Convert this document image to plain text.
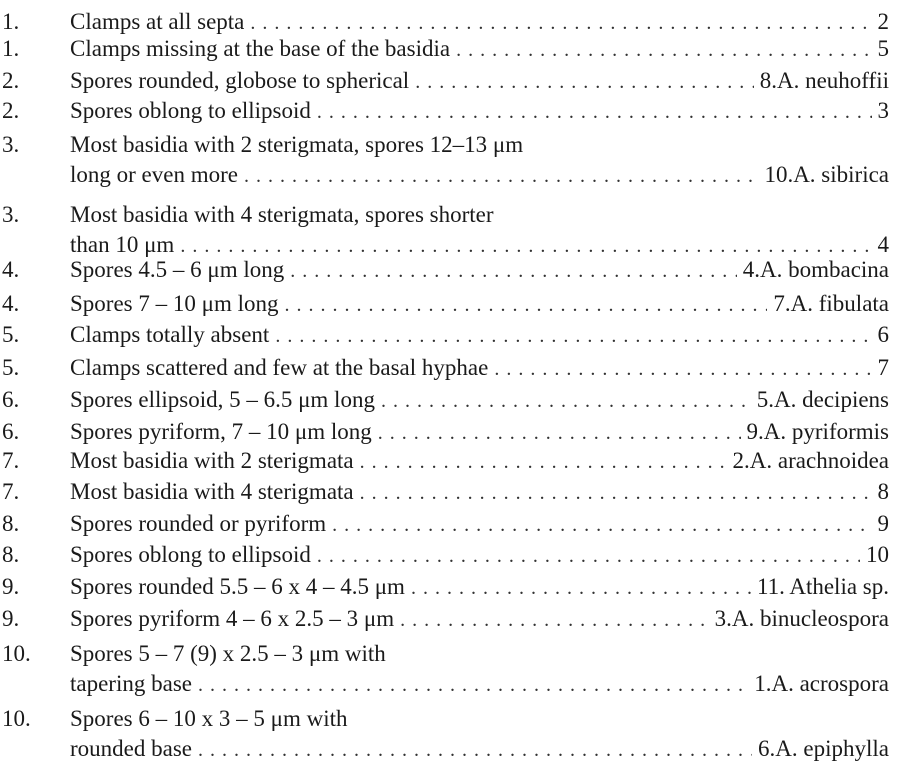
1.	Clamps at all septa . . .	2
1.	Clamps missing at the base of the basidia . . .	5
2.	Spores rounded, globose to spherical . . .	8.A. neuhoffii
2.	Spores oblong to ellipsoid . . .	3
3.	Most basidia with 2 sterigmata, spores 12–13 μm
long or even more . . .	10.A. sibirica
3.	Most basidia with 4 sterigmata, spores shorter
than 10 μm . . .	4
4.	Spores 4.5 – 6 μm long . . .	4.A. bombacina
4.	Spores 7 – 10 μm long . . .	7.A. fibulata
5.	Clamps totally absent . . .	6
5.	Clamps scattered and few at the basal hyphae . . .	7
6.	Spores ellipsoid, 5 – 6.5 μm long . . .	5.A. decipiens
6.	Spores pyriform, 7 – 10 μm long . . .	9.A. pyriformis
7.	Most basidia with 2 sterigmata . . .	2.A. arachnoidea
7.	Most basidia with 4 sterigmata . . .	8
8.	Spores rounded or pyriform . . .	9
8.	Spores oblong to ellipsoid . . .	10
9.	Spores rounded 5.5 – 6 x 4 – 4.5 μm . . .	11. Athelia sp.
9.	Spores pyriform 4 – 6 x 2.5 – 3 μm . . .	3.A. binucleospora
10.	Spores 5 – 7 (9) x 2.5 – 3 μm with
tapering base . . .	1.A. acrospora
10.	Spores 6 – 10 x 3 – 5 μm with
rounded base . . .	6.A. epiphylla
